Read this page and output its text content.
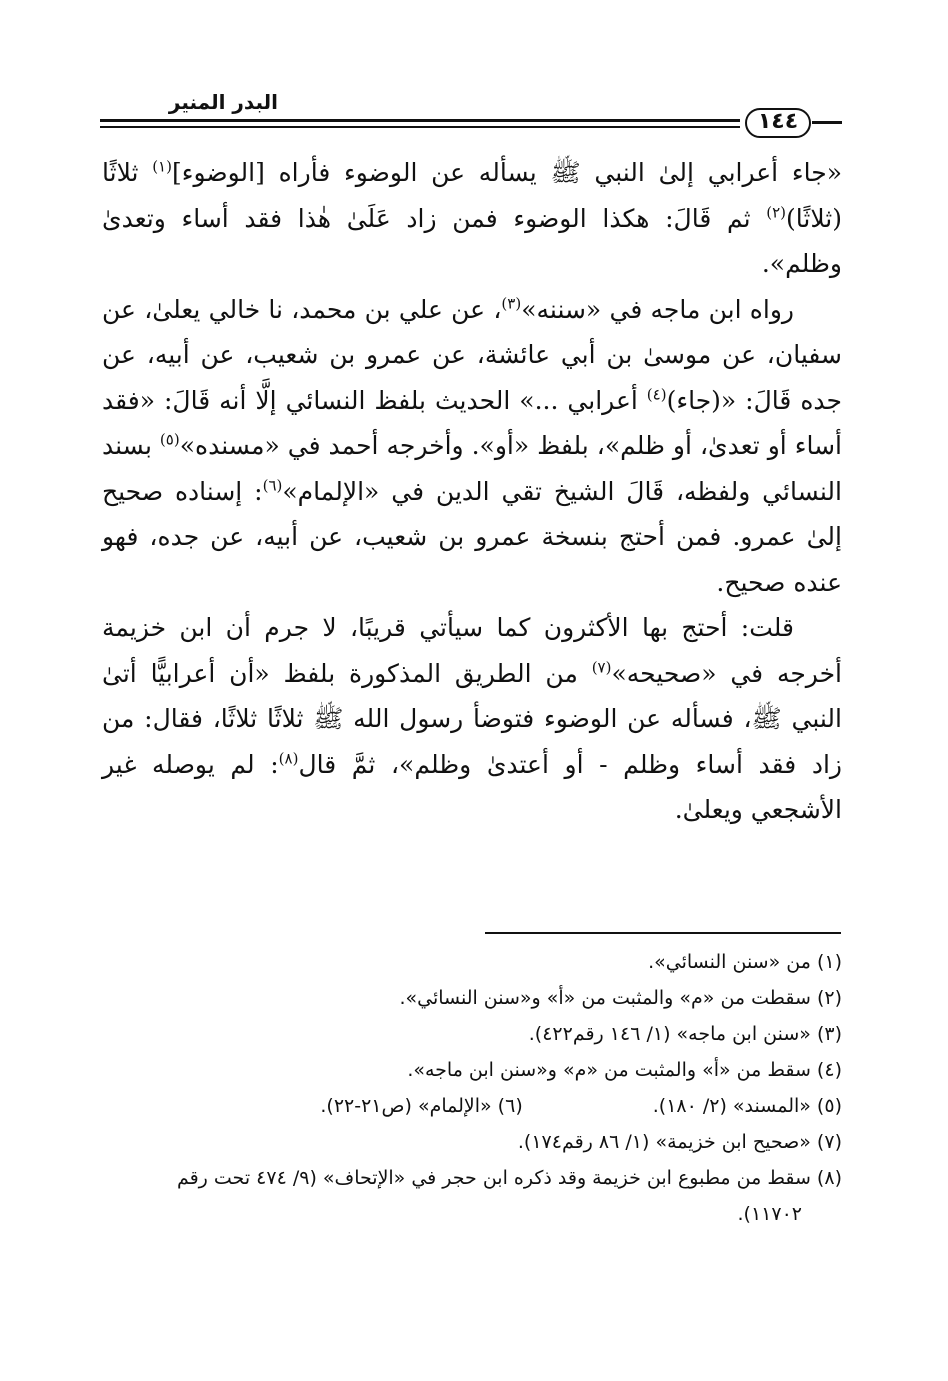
البدر المنير
١٤٤

«جاء أعرابي إلىٰ النبي ﷺ يسأله عن الوضوء فأراه [الوضوء]$^{(١)}$ ثلاثًا (ثلاثًا)$^{(٢)}$ ثم قَالَ: هكذا الوضوء فمن زاد عَلَىٰ هٰذا فقد أساء وتعدىٰ وظلم».

رواه ابن ماجه في «سننه»$^{(٣)}$، عن علي بن محمد، نا خالي يعلىٰ، عن سفيان، عن موسىٰ بن أبي عائشة، عن عمرو بن شعيب، عن أبيه، عن جده قَالَ: «(جاء)$^{(٤)}$ أعرابي ...» الحديث بلفظ النسائي إلَّا أنه قَالَ: «فقد أساء أو تعدىٰ، أو ظلم»، بلفظ «أو». وأخرجه أحمد في «مسنده»$^{(٥)}$ بسند النسائي ولفظه، قَالَ الشيخ تقي الدين في «الإلمام»$^{(٦)}$: إسناده صحيح إلىٰ عمرو. فمن أحتج بنسخة عمرو بن شعيب، عن أبيه، عن جده، فهو عنده صحيح.

قلت: أحتج بها الأكثرون كما سيأتي قريبًا، لا جرم أن ابن خزيمة أخرجه في «صحيحه»$^{(٧)}$ من الطريق المذكورة بلفظ «أن أعرابيًّا أتىٰ النبي ﷺ، فسأله عن الوضوء فتوضأ رسول الله ﷺ ثلاثًا ثلاثًا، فقال: من زاد فقد أساء وظلم - أو أعتدىٰ وظلم»، ثمَّ قال$^{(٨)}$: لم يوصله غير الأشجعي ويعلىٰ.

(١) من «سنن النسائي».

(٢) سقطت من «م» والمثبت من «أ» و«سنن النسائي».

(٣) «سنن ابن ماجه» (١/ ١٤٦ رقم٤٢٢).

(٤) سقط من «أ» والمثبت من «م» و«سنن ابن ماجه».

(٥) «المسند» (٢/ ١٨٠).
(٦) «الإلمام» (ص٢١-٢٢).

(٧) «صحيح ابن خزيمة» (١/ ٨٦ رقم١٧٤).

(٨) سقط من مطبوع ابن خزيمة وقد ذكره ابن حجر في «الإتحاف» (٩/ ٤٧٤ تحت رقم

١١٧٠٢).
